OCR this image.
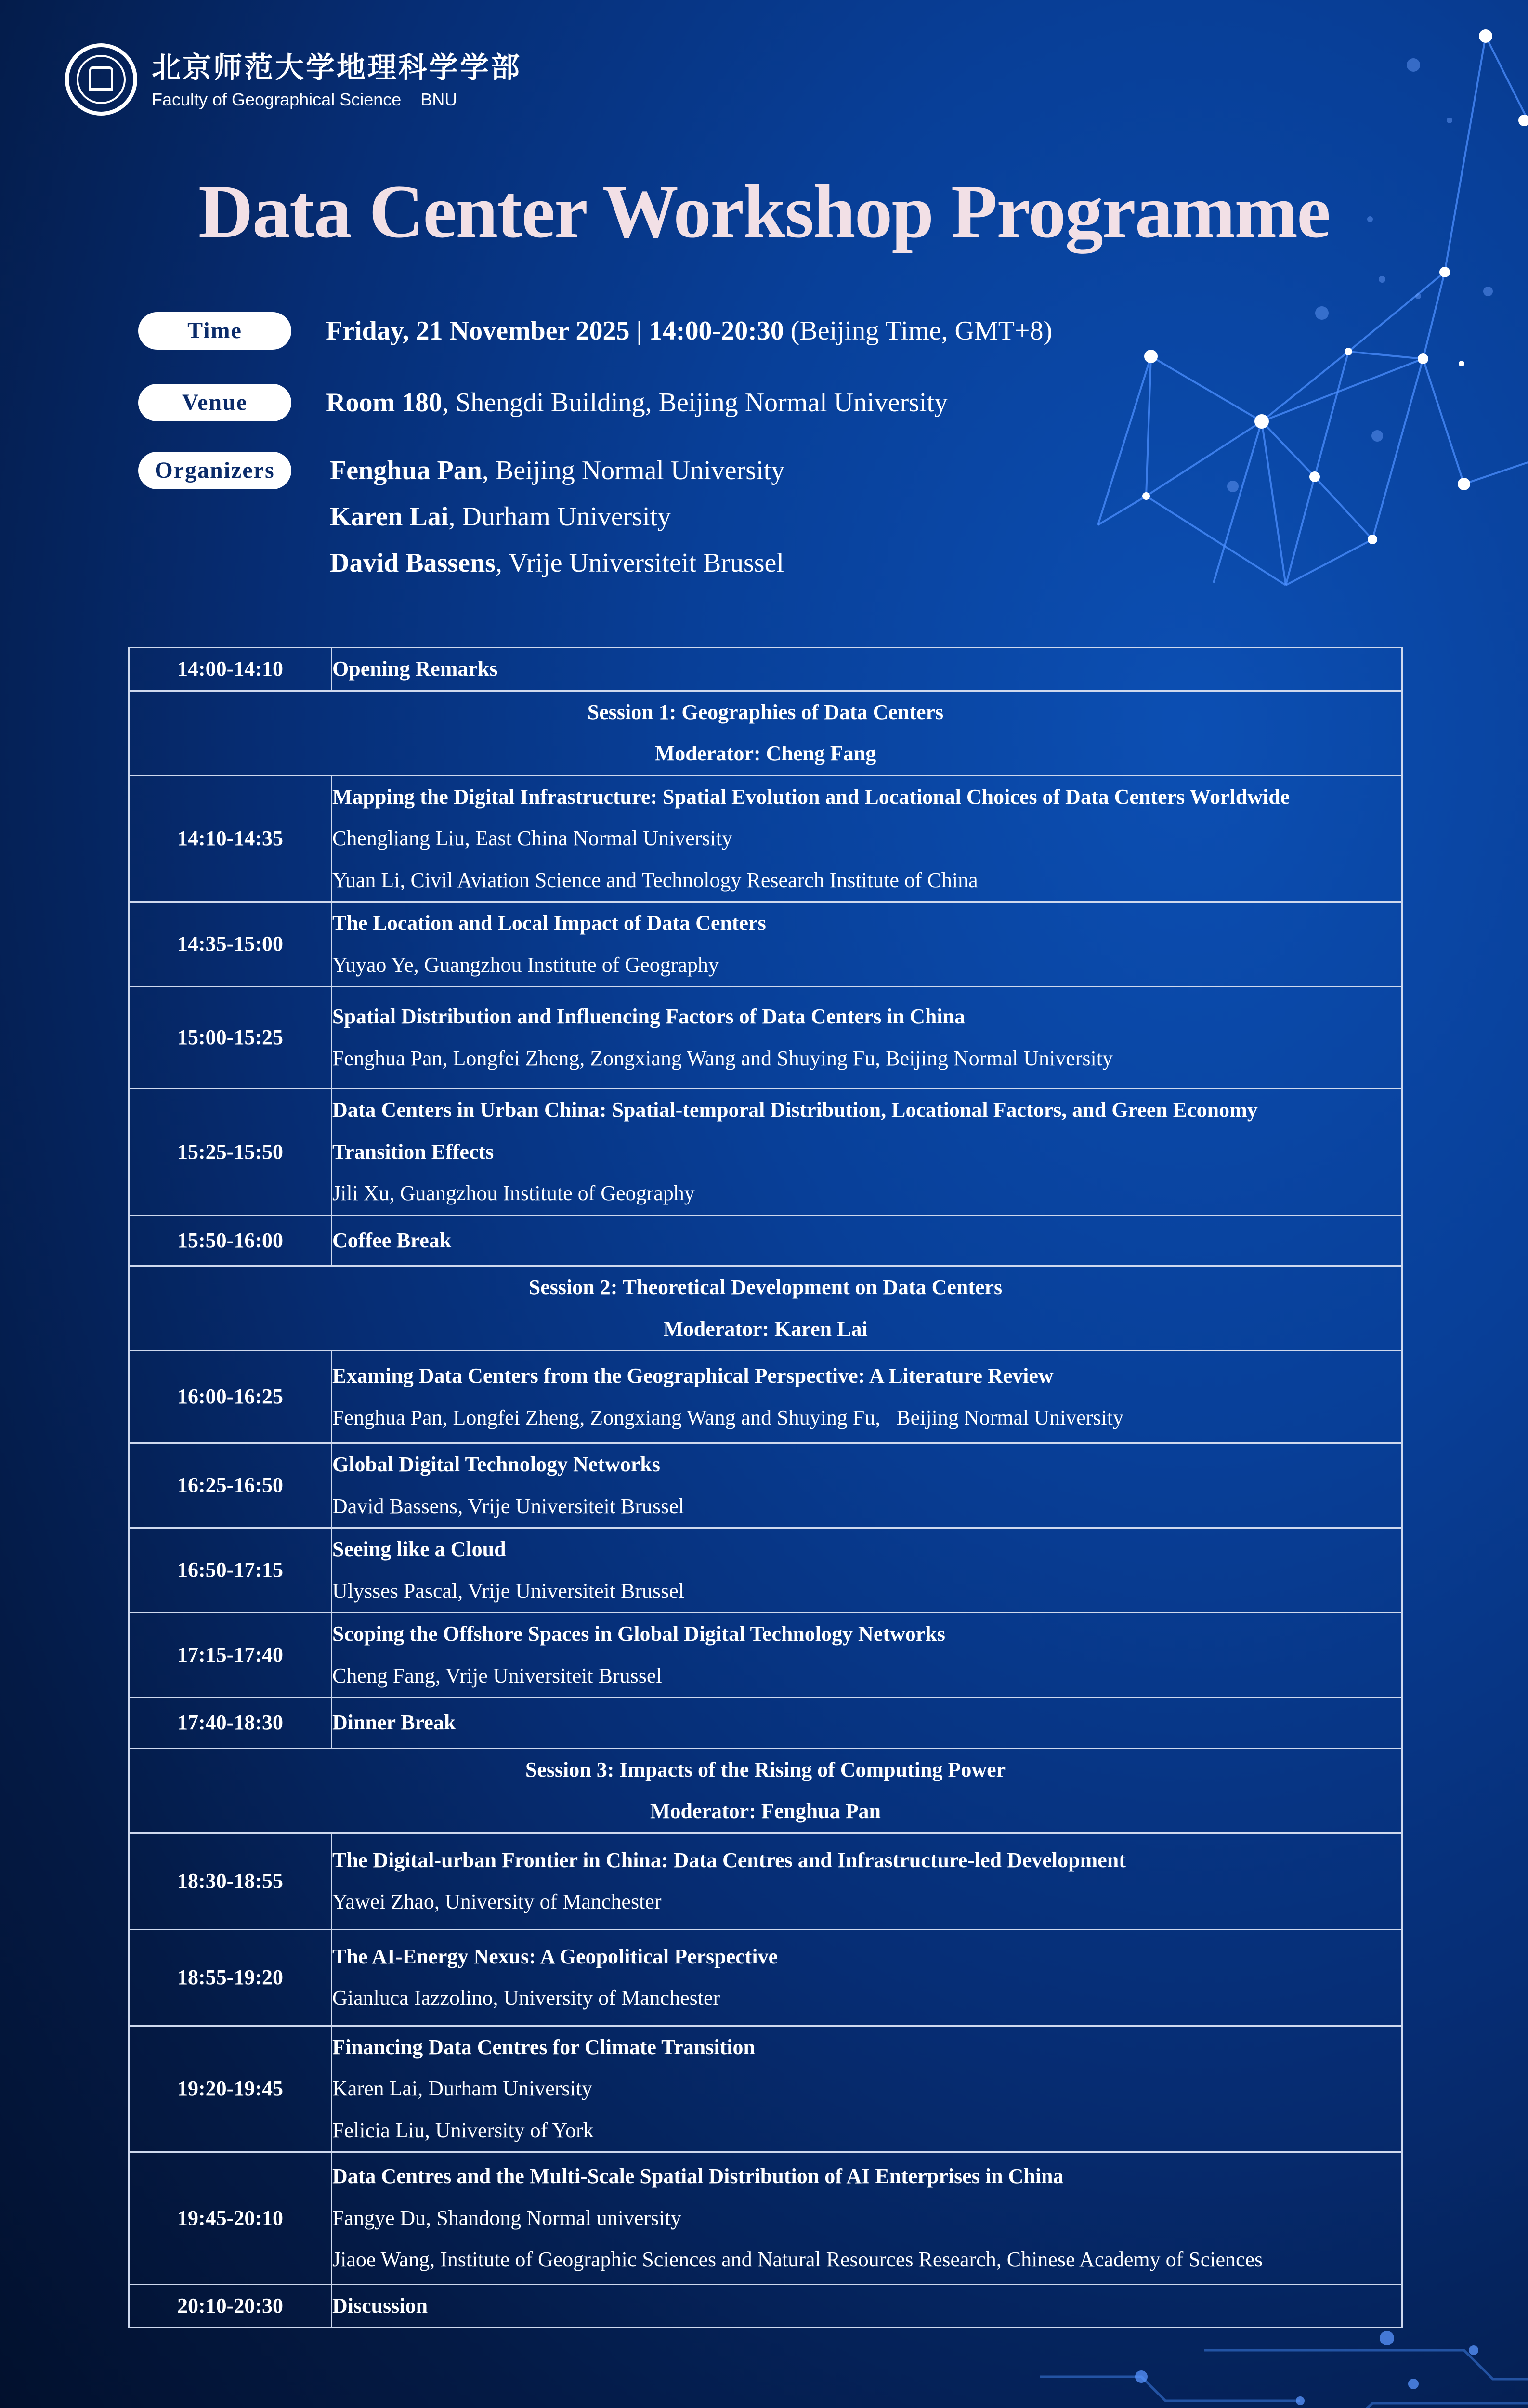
北京师范大学地理科学学部
Faculty of Geographical Science BNU
Data Center Workshop Programme
Time	Friday, 21 November 2025 | 14:00-20:30 (Beijing Time, GMT+8)
Venue	Room 180, Shengdi Building, Beijing Normal University
Organizers	Fenghua Pan, Beijing Normal University
Karen Lai, Durham University
David Bassens, Vrije Universiteit Brussel
14:00-14:10	Opening Remarks

Session 1: Geographies of Data Centers
Moderator: Cheng Fang	

14:10-14:35	Mapping the Digital Infrastructure: Spatial Evolution and Locational Choices of Data Centers Worldwide
Chengliang Liu, East China Normal University
Yuan Li, Civil Aviation Science and Technology Research Institute of China

14:35-15:00	The Location and Local Impact of Data Centers
Yuyao Ye, Guangzhou Institute of Geography

15:00-15:25	Spatial Distribution and Influencing Factors of Data Centers in China
Fenghua Pan, Longfei Zheng, Zongxiang Wang and Shuying Fu, Beijing Normal University

15:25-15:50	Data Centers in Urban China: Spatial-temporal Distribution, Locational Factors, and Green Economy
Transition Effects
Jili Xu, Guangzhou Institute of Geography

15:50-16:00	Coffee Break

Session 2: Theoretical Development on Data Centers
Moderator: Karen Lai	

16:00-16:25	Examing Data Centers from the Geographical Perspective: A Literature Review
Fenghua Pan, Longfei Zheng, Zongxiang Wang and Shuying Fu,   Beijing Normal University

16:25-16:50	Global Digital Technology Networks
David Bassens, Vrije Universiteit Brussel

16:50-17:15	Seeing like a Cloud
Ulysses Pascal, Vrije Universiteit Brussel

17:15-17:40	Scoping the Offshore Spaces in Global Digital Technology Networks
Cheng Fang, Vrije Universiteit Brussel

17:40-18:30	Dinner Break

Session 3: Impacts of the Rising of Computing Power
Moderator: Fenghua Pan	

18:30-18:55	The Digital-urban Frontier in China: Data Centres and Infrastructure-led Development
Yawei Zhao, University of Manchester

18:55-19:20	The AI-Energy Nexus: A Geopolitical Perspective
Gianluca Iazzolino, University of Manchester

19:20-19:45	Financing Data Centres for Climate Transition
Karen Lai, Durham University
Felicia Liu, University of York

19:45-20:10	Data Centres and the Multi-Scale Spatial Distribution of AI Enterprises in China
Fangye Du, Shandong Normal university
Jiaoe Wang, Institute of Geographic Sciences and Natural Resources Research, Chinese Academy of Sciences

20:10-20:30	Discussion
